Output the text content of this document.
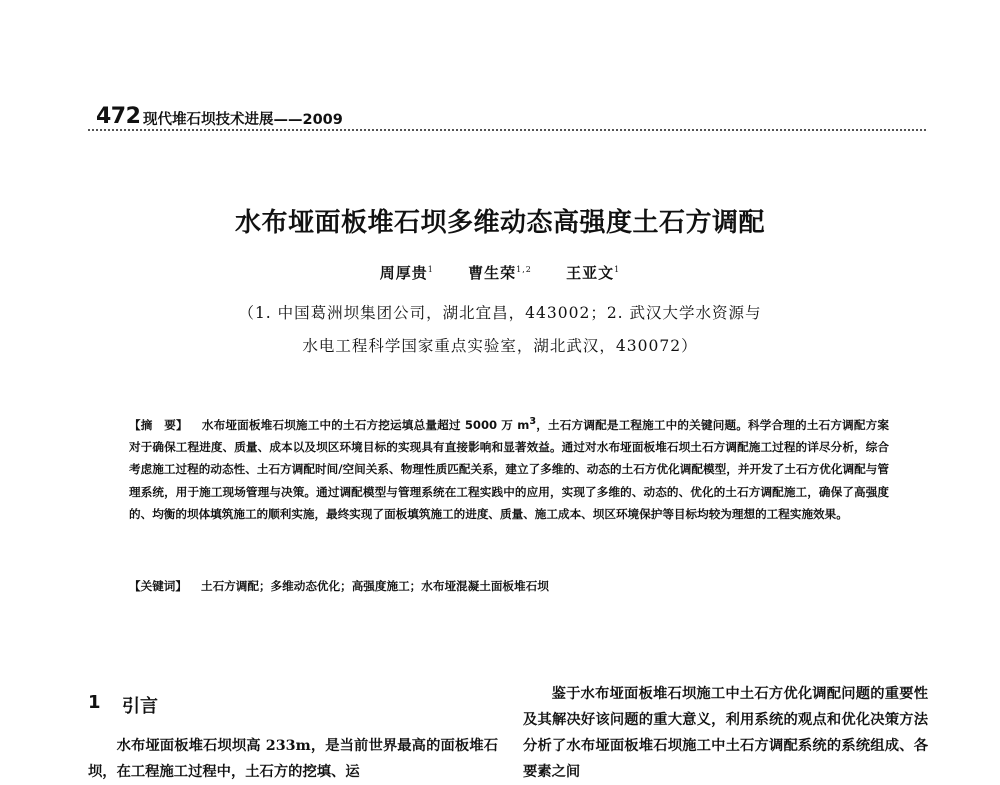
472 现代堆石坝技术进展——2009
水布垭面板堆石坝多维动态高强度土石方调配
周厚贵$^1$ 曹生荣$^{1,2}$ 王亚文$^1$
（1. 中国葛洲坝集团公司，湖北宜昌，443002；2. 武汉大学水资源与
水电工程科学国家重点实验室，湖北武汉，430072）
【摘　要】 水布垭面板堆石坝施工中的土石方挖运填总量超过 5000 万 $m^3$，土石方调配是工程施工中的关键问题。科学合理的土石方调配方案对于确保工程进度、质量、成本以及坝区环境目标的实现具有直接影响和显著效益。通过对水布垭面板堆石坝土石方调配施工过程的详尽分析，综合考虑施工过程的动态性、土石方调配时间/空间关系、物理性质匹配关系，建立了多维的、动态的土石方优化调配模型，并开发了土石方优化调配与管理系统，用于施工现场管理与决策。通过调配模型与管理系统在工程实践中的应用，实现了多维的、动态的、优化的土石方调配施工，确保了高强度的、均衡的坝体填筑施工的顺利实施，最终实现了面板填筑施工的进度、质量、施工成本、坝区环境保护等目标均较为理想的工程实施效果。
【关键词】 土石方调配；多维动态优化；高强度施工；水布垭混凝土面板堆石坝
1 引言
水布垭面板堆石坝坝高 233m，是当前世界最高的面板堆石坝，在工程施工过程中，土石方的挖填、运
鉴于水布垭面板堆石坝施工中土石方优化调配问题的重要性及其解决好该问题的重大意义，利用系统的观点和优化决策方法分析了水布垭面板堆石坝施工中土石方调配系统的系统组成、各要素之间
